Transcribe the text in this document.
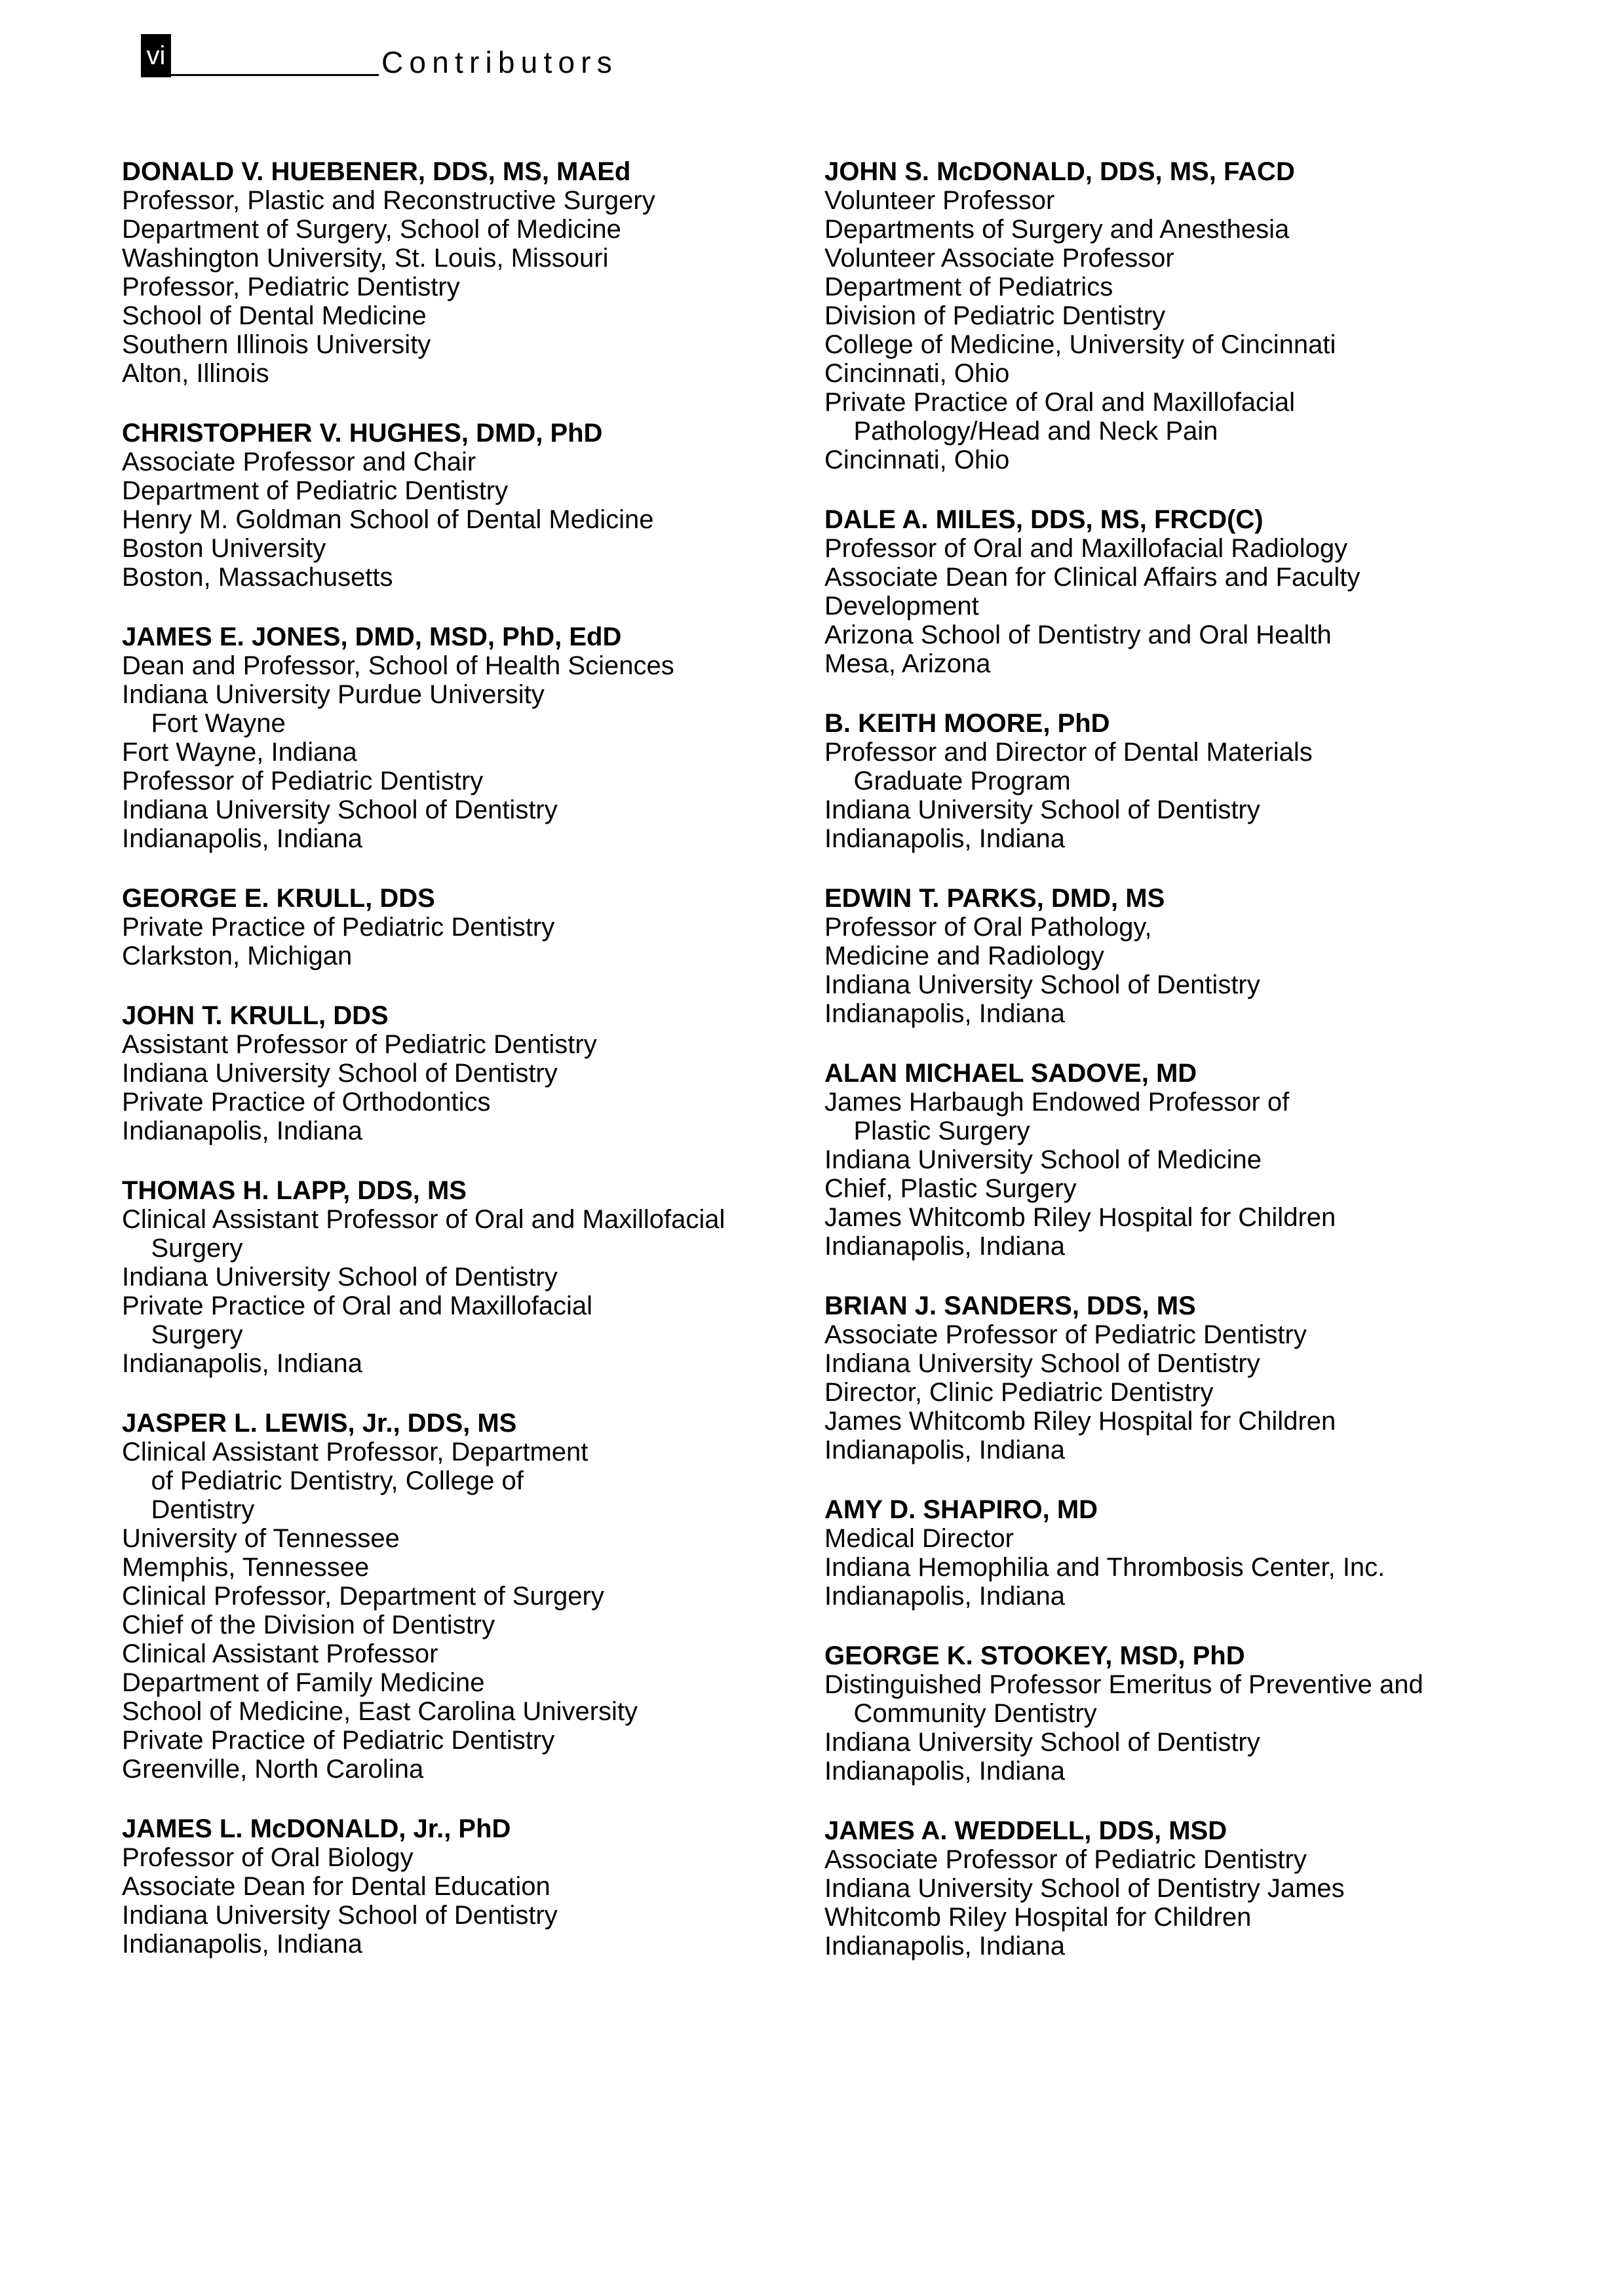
vi	Contributors
DONALD V. HUEBENER, DDS, MS, MAEd
Professor, Plastic and Reconstructive Surgery
Department of Surgery, School of Medicine
Washington University, St. Louis, Missouri
Professor, Pediatric Dentistry
School of Dental Medicine
Southern Illinois University
Alton, Illinois
CHRISTOPHER V. HUGHES, DMD, PhD
Associate Professor and Chair
Department of Pediatric Dentistry
Henry M. Goldman School of Dental Medicine
Boston University
Boston, Massachusetts
JAMES E. JONES, DMD, MSD, PhD, EdD
Dean and Professor, School of Health Sciences
Indiana University Purdue University
Fort Wayne
Fort Wayne, Indiana
Professor of Pediatric Dentistry
Indiana University School of Dentistry
Indianapolis, Indiana
GEORGE E. KRULL, DDS
Private Practice of Pediatric Dentistry
Clarkston, Michigan
JOHN T. KRULL, DDS
Assistant Professor of Pediatric Dentistry
Indiana University School of Dentistry
Private Practice of Orthodontics
Indianapolis, Indiana
THOMAS H. LAPP, DDS, MS
Clinical Assistant Professor of Oral and Maxillofacial
Surgery
Indiana University School of Dentistry
Private Practice of Oral and Maxillofacial
Surgery
Indianapolis, Indiana
JASPER L. LEWIS, Jr., DDS, MS
Clinical Assistant Professor, Department
of Pediatric Dentistry, College of
Dentistry
University of Tennessee
Memphis, Tennessee
Clinical Professor, Department of Surgery
Chief of the Division of Dentistry
Clinical Assistant Professor
Department of Family Medicine
School of Medicine, East Carolina University
Private Practice of Pediatric Dentistry
Greenville, North Carolina
JAMES L. McDONALD, Jr., PhD
Professor of Oral Biology
Associate Dean for Dental Education
Indiana University School of Dentistry
Indianapolis, Indiana
JOHN S. McDONALD, DDS, MS, FACD
Volunteer Professor
Departments of Surgery and Anesthesia
Volunteer Associate Professor
Department of Pediatrics
Division of Pediatric Dentistry
College of Medicine, University of Cincinnati
Cincinnati, Ohio
Private Practice of Oral and Maxillofacial
Pathology/Head and Neck Pain
Cincinnati, Ohio
DALE A. MILES, DDS, MS, FRCD(C)
Professor of Oral and Maxillofacial Radiology
Associate Dean for Clinical Affairs and Faculty
Development
Arizona School of Dentistry and Oral Health
Mesa, Arizona
B. KEITH MOORE, PhD
Professor and Director of Dental Materials
Graduate Program
Indiana University School of Dentistry
Indianapolis, Indiana
EDWIN T. PARKS, DMD, MS
Professor of Oral Pathology,
Medicine and Radiology
Indiana University School of Dentistry
Indianapolis, Indiana
ALAN MICHAEL SADOVE, MD
James Harbaugh Endowed Professor of
Plastic Surgery
Indiana University School of Medicine
Chief, Plastic Surgery
James Whitcomb Riley Hospital for Children
Indianapolis, Indiana
BRIAN J. SANDERS, DDS, MS
Associate Professor of Pediatric Dentistry
Indiana University School of Dentistry
Director, Clinic Pediatric Dentistry
James Whitcomb Riley Hospital for Children
Indianapolis, Indiana
AMY D. SHAPIRO, MD
Medical Director
Indiana Hemophilia and Thrombosis Center, Inc.
Indianapolis, Indiana
GEORGE K. STOOKEY, MSD, PhD
Distinguished Professor Emeritus of Preventive and
Community Dentistry
Indiana University School of Dentistry
Indianapolis, Indiana
JAMES A. WEDDELL, DDS, MSD
Associate Professor of Pediatric Dentistry
Indiana University School of Dentistry James
Whitcomb Riley Hospital for Children
Indianapolis, Indiana
